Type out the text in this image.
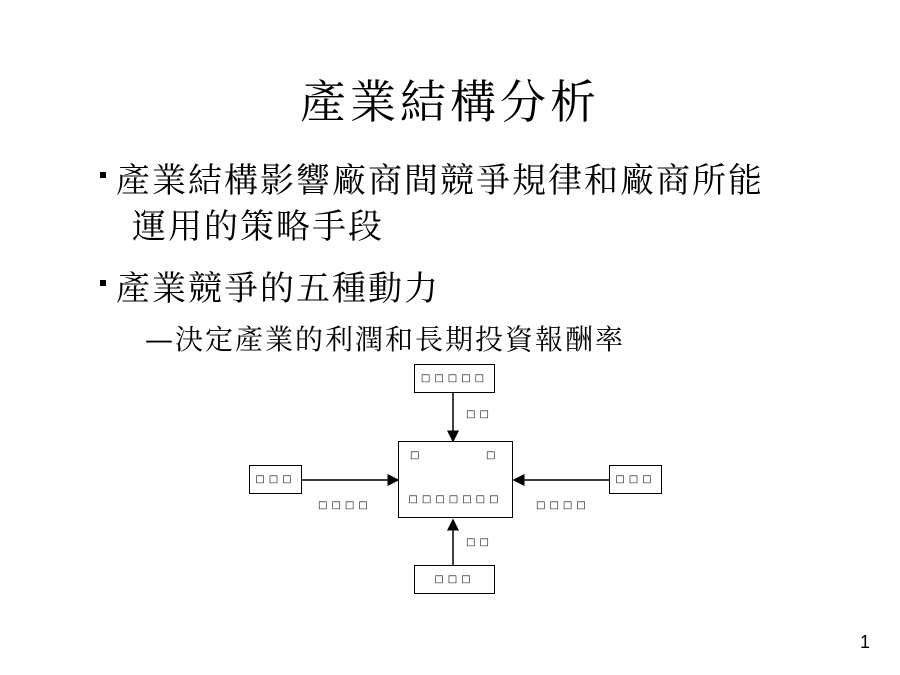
產業結構分析
產業結構影響廠商間競爭規律和廠商所能
運用的策略手段
產業競爭的五種動力
—決定產業的利潤和長期投資報酬率
□□□□□
□□
□□□□□□□
□	□
□□□
□□□□
□□□
□□□□
□□
□□□
1
